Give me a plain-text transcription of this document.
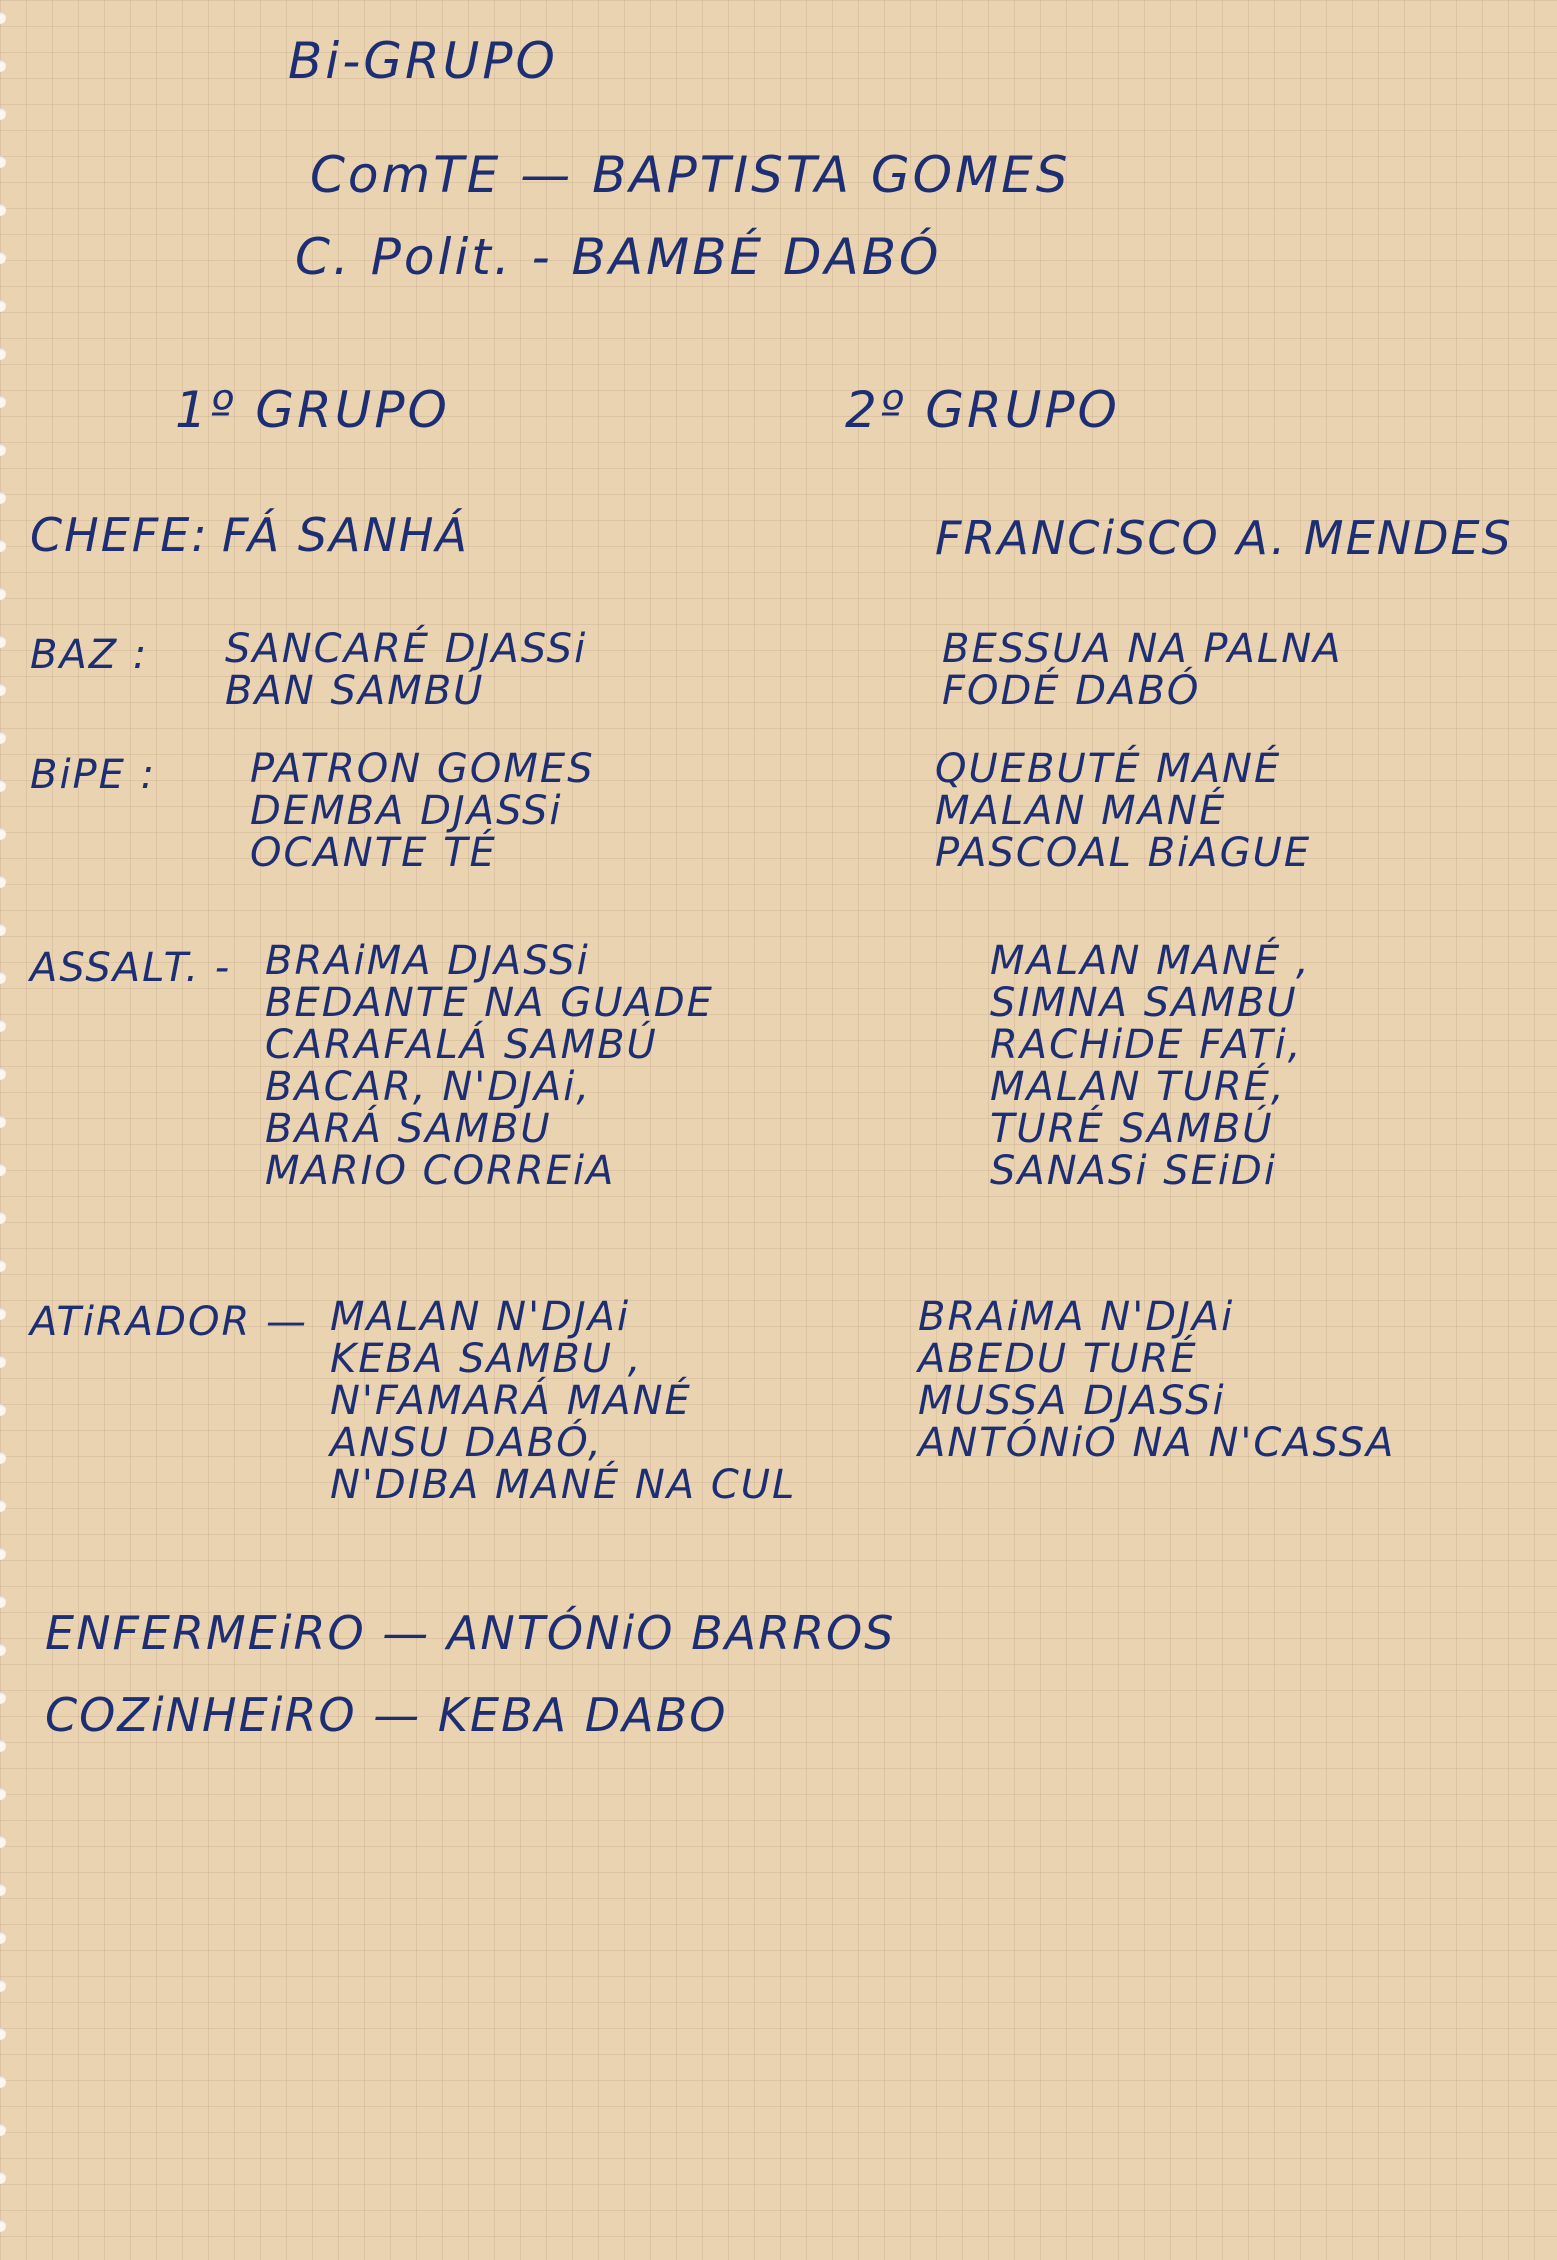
Bi-GRUPO
ComTE — BAPTISTA GOMES
C. Polit. - BAMBÉ DABÓ
1º GRUPO	2º GRUPO
CHEFE: FÁ SANHÁ	FRANCiSCO A. MENDES
BAZ : SANCARÉ DJASSi
BAN SAMBÚ
BESSUA NA PALNA
FODÉ DABÓ
BiPE : PATRON GOMES
DEMBA DJASSi
OCANTE TÉ
QUEBUTÉ MANÉ
MALAN MANÉ
PASCOAL BiAGUE
ASSALT. - BRAiMA DJASSi
BEDANTE NA GUADE
CARAFALÁ SAMBÚ
BACAR, N'DJAi,
BARÁ SAMBU
MARIO CORREiA
MALAN MANÉ ,
SIMNA SAMBU
RACHiDE FATi,
MALAN TURÉ,
TURÉ SAMBÚ
SANASi SEiDi
ATiRADOR — MALAN N'DJAi
KEBA SAMBU ,
N'FAMARÁ MANÉ
ANSU DABÓ,
N'DIBA MANÉ NA CUL
BRAiMA N'DJAi
ABEDU TURÉ
MUSSA DJASSi
ANTÓNiO NA N'CASSA
ENFERMEiRO — ANTÓNiO BARROS
COZiNHEiRO — KEBA DABO
